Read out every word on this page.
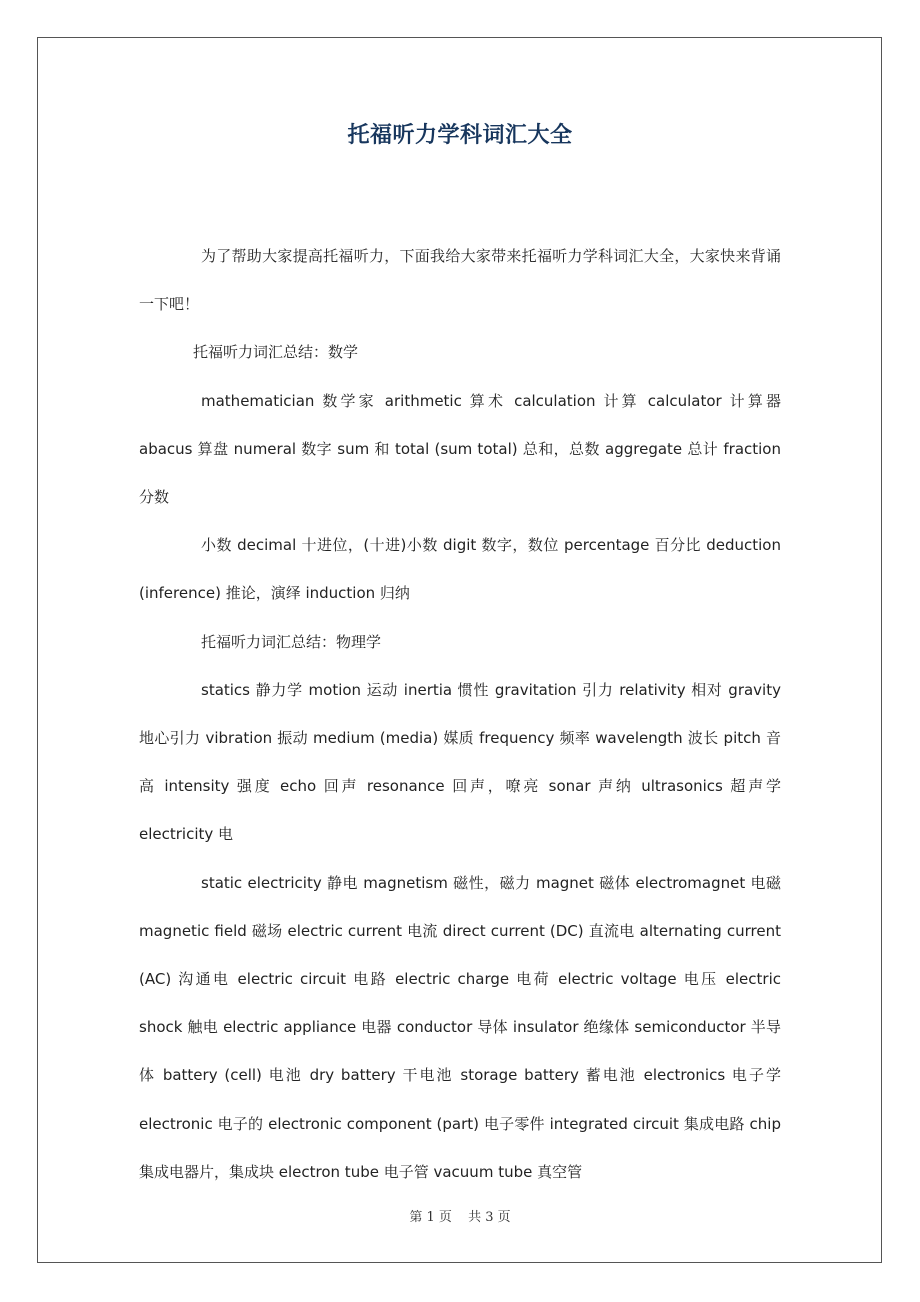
托福听力学科词汇大全

为了帮助大家提高托福听力，下面我给大家带来托福听力学科词汇大全，大家快来背诵一下吧！

托福听力词汇总结：数学

mathematician 数学家 arithmetic 算术 calculation 计算 calculator 计算器 abacus 算盘 numeral 数字 sum 和 total (sum total) 总和，总数 aggregate 总计 fraction 分数

小数 decimal 十进位，(十进)小数 digit 数字，数位 percentage 百分比 deduction (inference) 推论，演绎 induction 归纳

托福听力词汇总结：物理学

statics 静力学 motion 运动 inertia 惯性 gravitation 引力 relativity 相对 gravity 地心引力 vibration 振动 medium (media) 媒质 frequency 频率 wavelength 波长 pitch 音高 intensity 强度 echo 回声 resonance 回声，嘹亮 sonar 声纳 ultrasonics 超声学 electricity 电

static electricity 静电 magnetism 磁性，磁力 magnet 磁体 electromagnet 电磁 magnetic field 磁场 electric current 电流 direct current (DC) 直流电 alternating current (AC) 沟通电 electric circuit 电路 electric charge 电荷 electric voltage 电压 electric shock 触电 electric appliance 电器 conductor 导体 insulator 绝缘体 semiconductor 半导体 battery (cell) 电池 dry battery 干电池 storage battery 蓄电池 electronics 电子学 electronic 电子的 electronic component (part) 电子零件 integrated circuit 集成电路 chip 集成电器片，集成块 electron tube 电子管 vacuum tube 真空管

第 1 页 共 3 页
